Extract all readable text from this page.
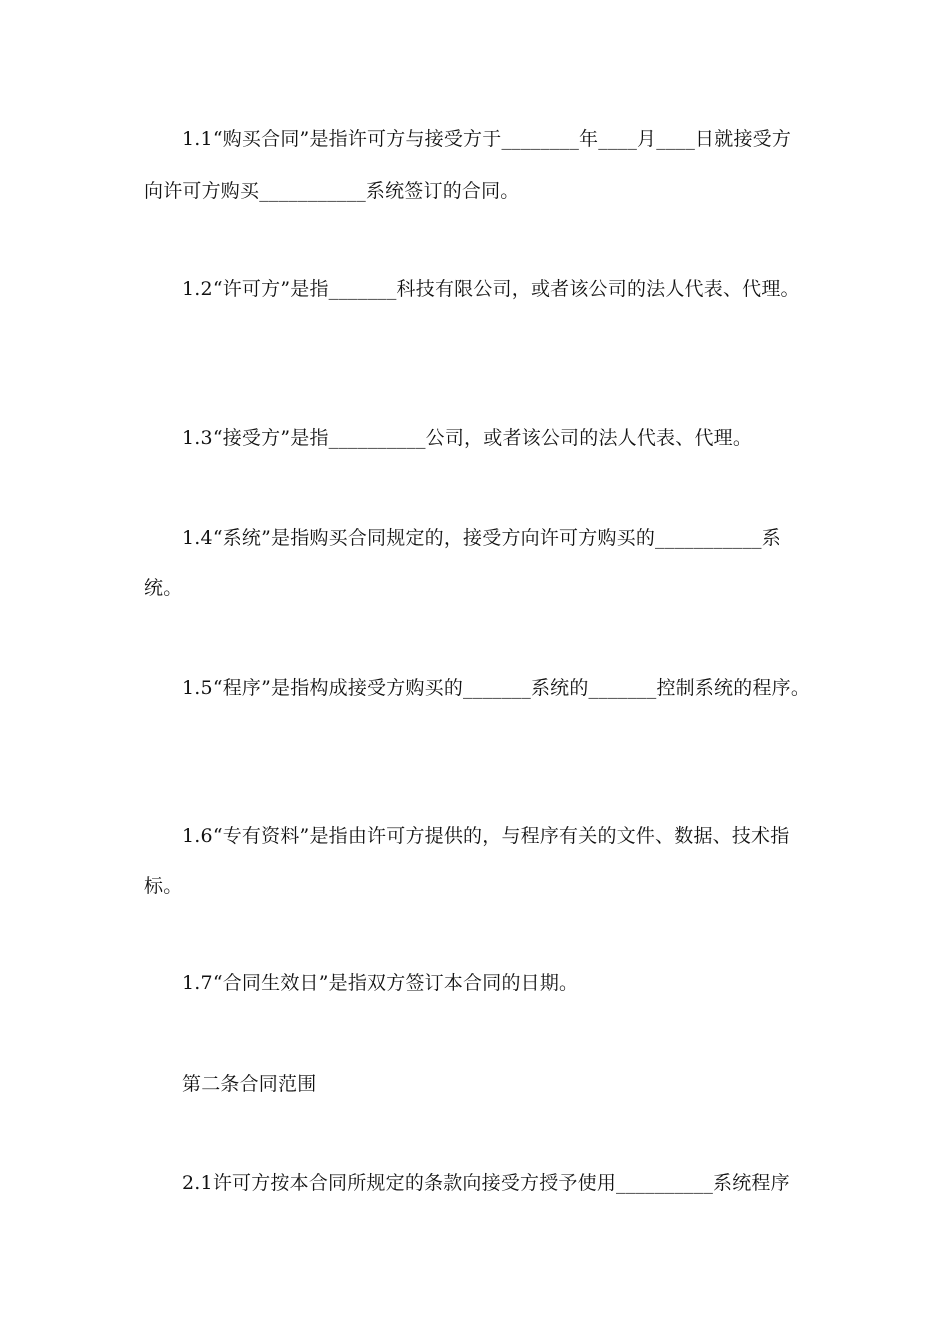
1.1“购买合同”是指许可方与接受方于________年____月____日就接受方
向许可方购买___________系统签订的合同。
1.2“许可方”是指_______科技有限公司，或者该公司的法人代表、代理。
1.3“接受方”是指__________公司，或者该公司的法人代表、代理。
1.4“系统”是指购买合同规定的，接受方向许可方购买的___________系
统。
1.5“程序”是指构成接受方购买的_______系统的_______控制系统的程序。
1.6“专有资料”是指由许可方提供的，与程序有关的文件、数据、技术指
标。
1.7“合同生效日”是指双方签订本合同的日期。
第二条合同范围
2.1许可方按本合同所规定的条款向接受方授予使用__________系统程序
